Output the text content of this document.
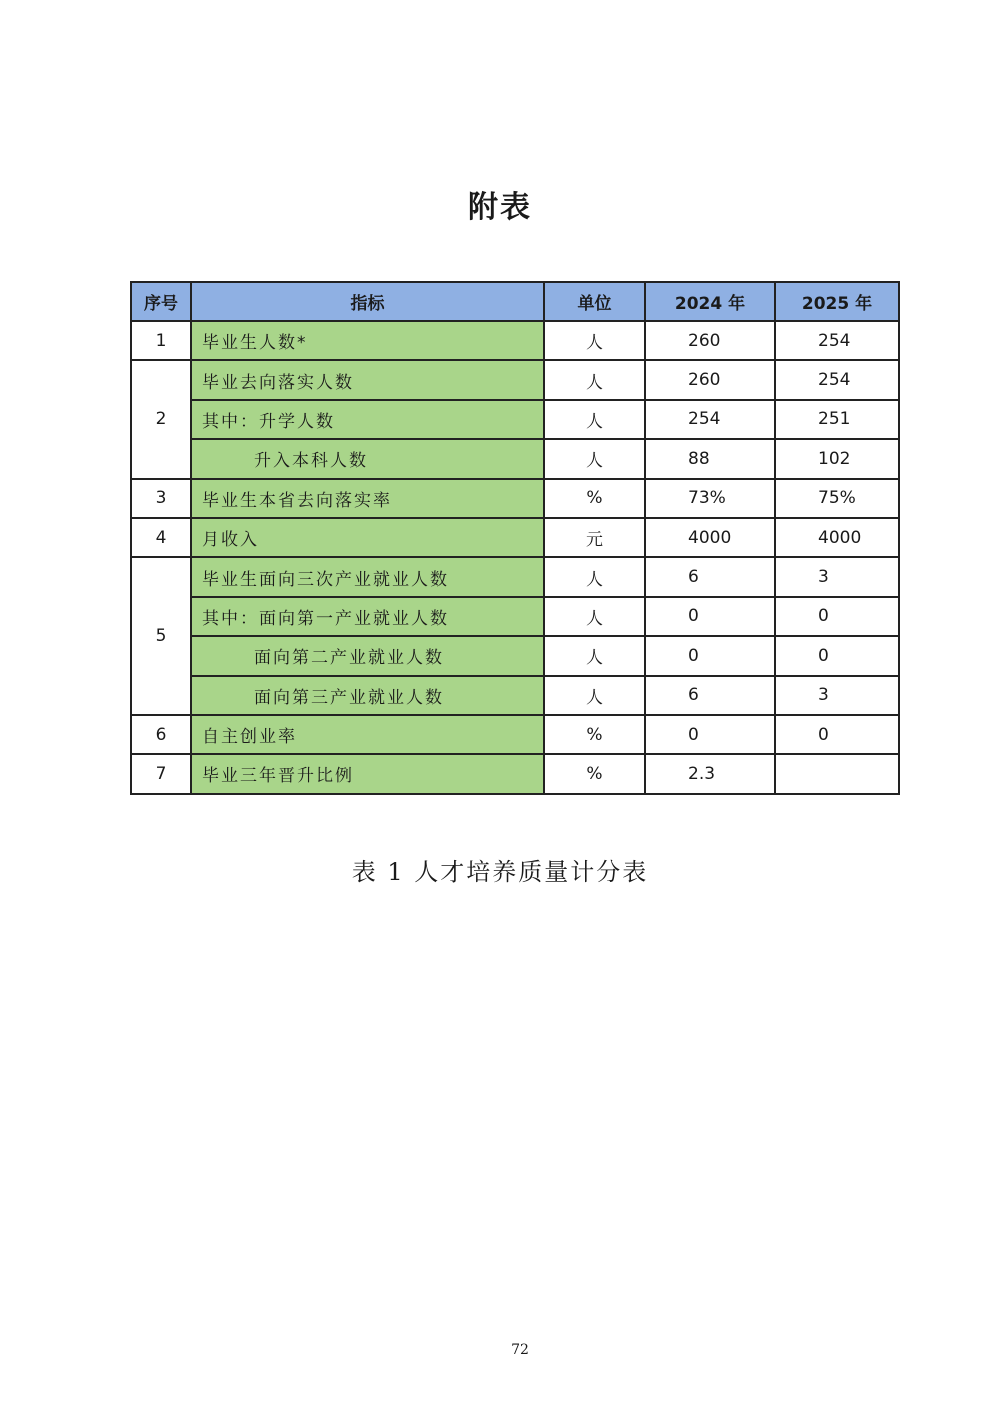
附表
序号	指标	单位	2024 年	2025 年
1	毕业生人数*	人	260	254
2	毕业去向落实人数	人	260	254
	其中：升学人数	人	254	251
	升入本科人数	人	88	102
3	毕业生本省去向落实率	%	73%	75%
4	月收入	元	4000	4000
5	毕业生面向三次产业就业人数	人	6	3
	其中：面向第一产业就业人数	人	0	0
	面向第二产业就业人数	人	0	0
	面向第三产业就业人数	人	6	3
6	自主创业率	%	0	0
7	毕业三年晋升比例	%	2.3	
表 1 人才培养质量计分表
72
